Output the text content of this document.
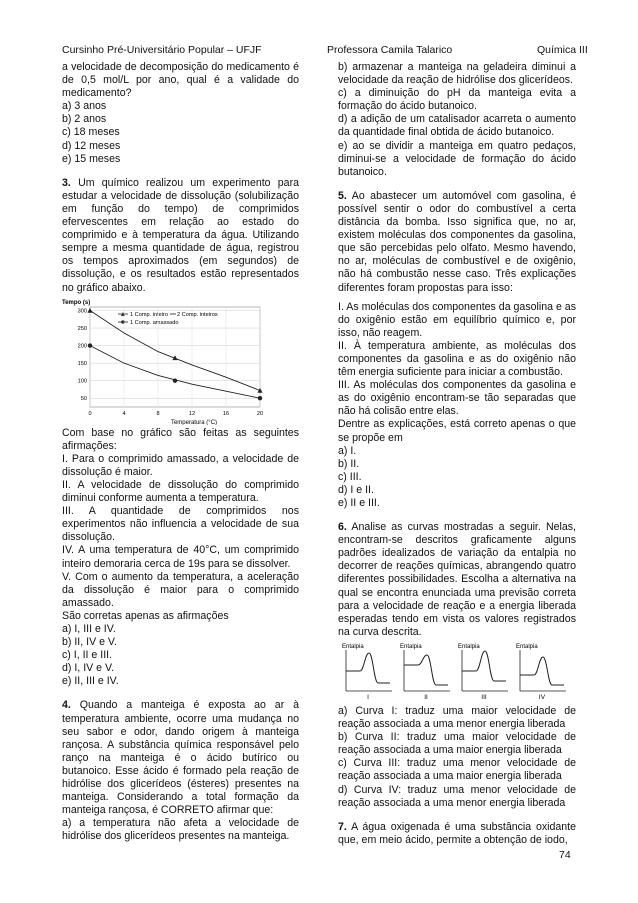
Cursinho Pré-Universitário Popular – UFJF	Professora Camila Talarico	Química III

a velocidade de decomposição do medicamento é de 0,5 mol/L por ano, qual é a validade do medicamento?

a) 3 anos

b) 2 anos

c) 18 meses

d) 12 meses

e) 15 meses

3. Um químico realizou um experimento para estudar a velocidade de dissolução (solubilização em função do tempo) de comprimidos efervescentes em relação ao estado do comprimido e à temperatura da água. Utilizando sempre a mesma quantidade de água, registrou os tempos aproximados (em segundos) de dissolução, e os resultados estão representados no gráfico abaixo.

Tempo (s)
Temperatura (°C)
1 Comp. inteiro 2 Comp. inteiros
1 Comp. amassado
300
250
200
150
100
50
0	4	8	12	16	20

Com base no gráfico são feitas as seguintes afirmações:

I. Para o comprimido amassado, a velocidade de dissolução é maior.

II. A velocidade de dissolução do comprimido diminui conforme aumenta a temperatura.

III. A quantidade de comprimidos nos experimentos não influencia a velocidade de sua dissolução.

IV. A uma temperatura de 40°C, um comprimido inteiro demoraria cerca de 19s para se dissolver.

V. Com o aumento da temperatura, a aceleração da dissolução é maior para o comprimido amassado.

São corretas apenas as afirmações

a) I, III e IV.

b) II, IV e V.

c) I, II e III.

d) I, IV e V.

e) II, III e IV.

4. Quando a manteiga é exposta ao ar à temperatura ambiente, ocorre uma mudança no seu sabor e odor, dando origem à manteiga rançosa. A substância química responsável pelo ranço na manteiga é o ácido butírico ou butanoico. Esse ácido é formado pela reação de hidrólise dos glicerídeos (ésteres) presentes na manteiga. Considerando a total formação da manteiga rançosa, é CORRETO afirmar que:

a) a temperatura não afeta a velocidade de hidrólise dos glicerídeos presentes na manteiga.

b) armazenar a manteiga na geladeira diminui a velocidade da reação de hidrólise dos glicerídeos.

c) a diminuição do pH da manteiga evita a formação do ácido butanoico.

d) a adição de um catalisador acarreta o aumento da quantidade final obtida de ácido butanoico.

e) ao se dividir a manteiga em quatro pedaços, diminui-se a velocidade de formação do ácido butanoico.

5. Ao abastecer um automóvel com gasolina, é possível sentir o odor do combustível a certa distância da bomba. Isso significa que, no ar, existem moléculas dos componentes da gasolina, que são percebidas pelo olfato. Mesmo havendo, no ar, moléculas de combustível e de oxigênio, não há combustão nesse caso. Três explicações diferentes foram propostas para isso:

I. As moléculas dos componentes da gasolina e as do oxigênio estão em equilíbrio químico e, por isso, não reagem.

II. À temperatura ambiente, as moléculas dos componentes da gasolina e as do oxigênio não têm energia suficiente para iniciar a combustão.

III. As moléculas dos componentes da gasolina e as do oxigênio encontram-se tão separadas que não há colisão entre elas.

Dentre as explicações, está correto apenas o que se propõe em

a) I.

b) II.

c) III.

d) I e II.

e) II e III.

6. Analise as curvas mostradas a seguir. Nelas, encontram-se descritos graficamente alguns padrões idealizados de variação da entalpia no decorrer de reações químicas, abrangendo quatro diferentes possibilidades. Escolha a alternativa na qual se encontra enunciada uma previsão correta para a velocidade de reação e a energia liberada esperadas tendo em vista os valores registrados na curva descrita.

Entalpia
I
Entalpia
II
Entalpia
III
Entalpia
IV

a) Curva I: traduz uma maior velocidade de reação associada a uma menor energia liberada

b) Curva II: traduz uma maior velocidade de reação associada a uma maior energia liberada

c) Curva III: traduz uma menor velocidade de reação associada a uma maior energia liberada

d) Curva IV: traduz uma menor velocidade de reação associada a uma menor energia liberada

7. A água oxigenada é uma substância oxidante que, em meio ácido, permite a obtenção de iodo,

74
